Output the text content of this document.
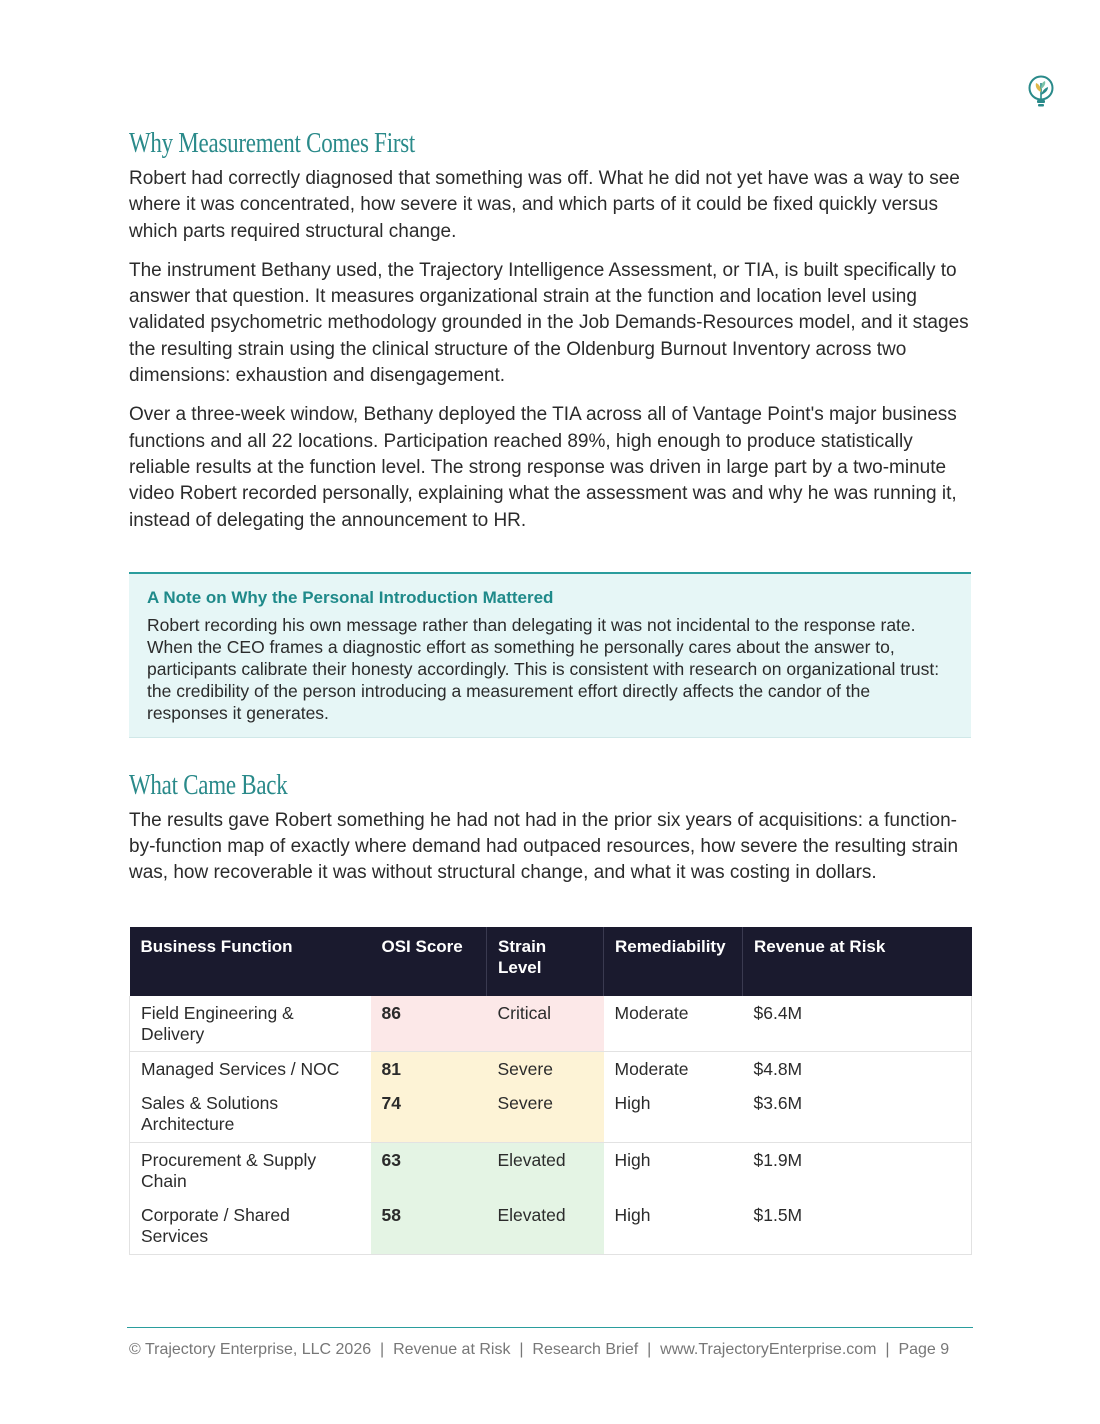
Why Measurement Comes First

Robert had correctly diagnosed that something was off. What he did not yet have was a way to see where it was concentrated, how severe it was, and which parts of it could be fixed quickly versus which parts required structural change.

The instrument Bethany used, the Trajectory Intelligence Assessment, or TIA, is built specifically to answer that question. It measures organizational strain at the function and location level using validated psychometric methodology grounded in the Job Demands-Resources model, and it stages the resulting strain using the clinical structure of the Oldenburg Burnout Inventory across two dimensions: exhaustion and disengagement.

Over a three-week window, Bethany deployed the TIA across all of Vantage Point's major business functions and all 22 locations. Participation reached 89%, high enough to produce statistically reliable results at the function level. The strong response was driven in large part by a two-minute video Robert recorded personally, explaining what the assessment was and why he was running it, instead of delegating the announcement to HR.

A Note on Why the Personal Introduction Mattered

Robert recording his own message rather than delegating it was not incidental to the response rate. When the CEO frames a diagnostic effort as something he personally cares about the answer to, participants calibrate their honesty accordingly. This is consistent with research on organizational trust: the credibility of the person introducing a measurement effort directly affects the candor of the responses it generates.

What Came Back

The results gave Robert something he had not had in the prior six years of acquisitions: a function-by-function map of exactly where demand had outpaced resources, how severe the resulting strain was, how recoverable it was without structural change, and what it was costing in dollars.

Business Function	OSI Score	Strain Level	Remediability	Revenue at Risk
Field Engineering & Delivery	86	Critical	Moderate	$6.4M
Managed Services / NOC	81	Severe	Moderate	$4.8M
Sales & Solutions Architecture	74	Severe	High	$3.6M
Procurement & Supply Chain	63	Elevated	High	$1.9M
Corporate / Shared Services	58	Elevated	High	$1.5M
© Trajectory Enterprise, LLC 2026  |  Revenue at Risk  |  Research Brief  |  www.TrajectoryEnterprise.com  |  Page 9
